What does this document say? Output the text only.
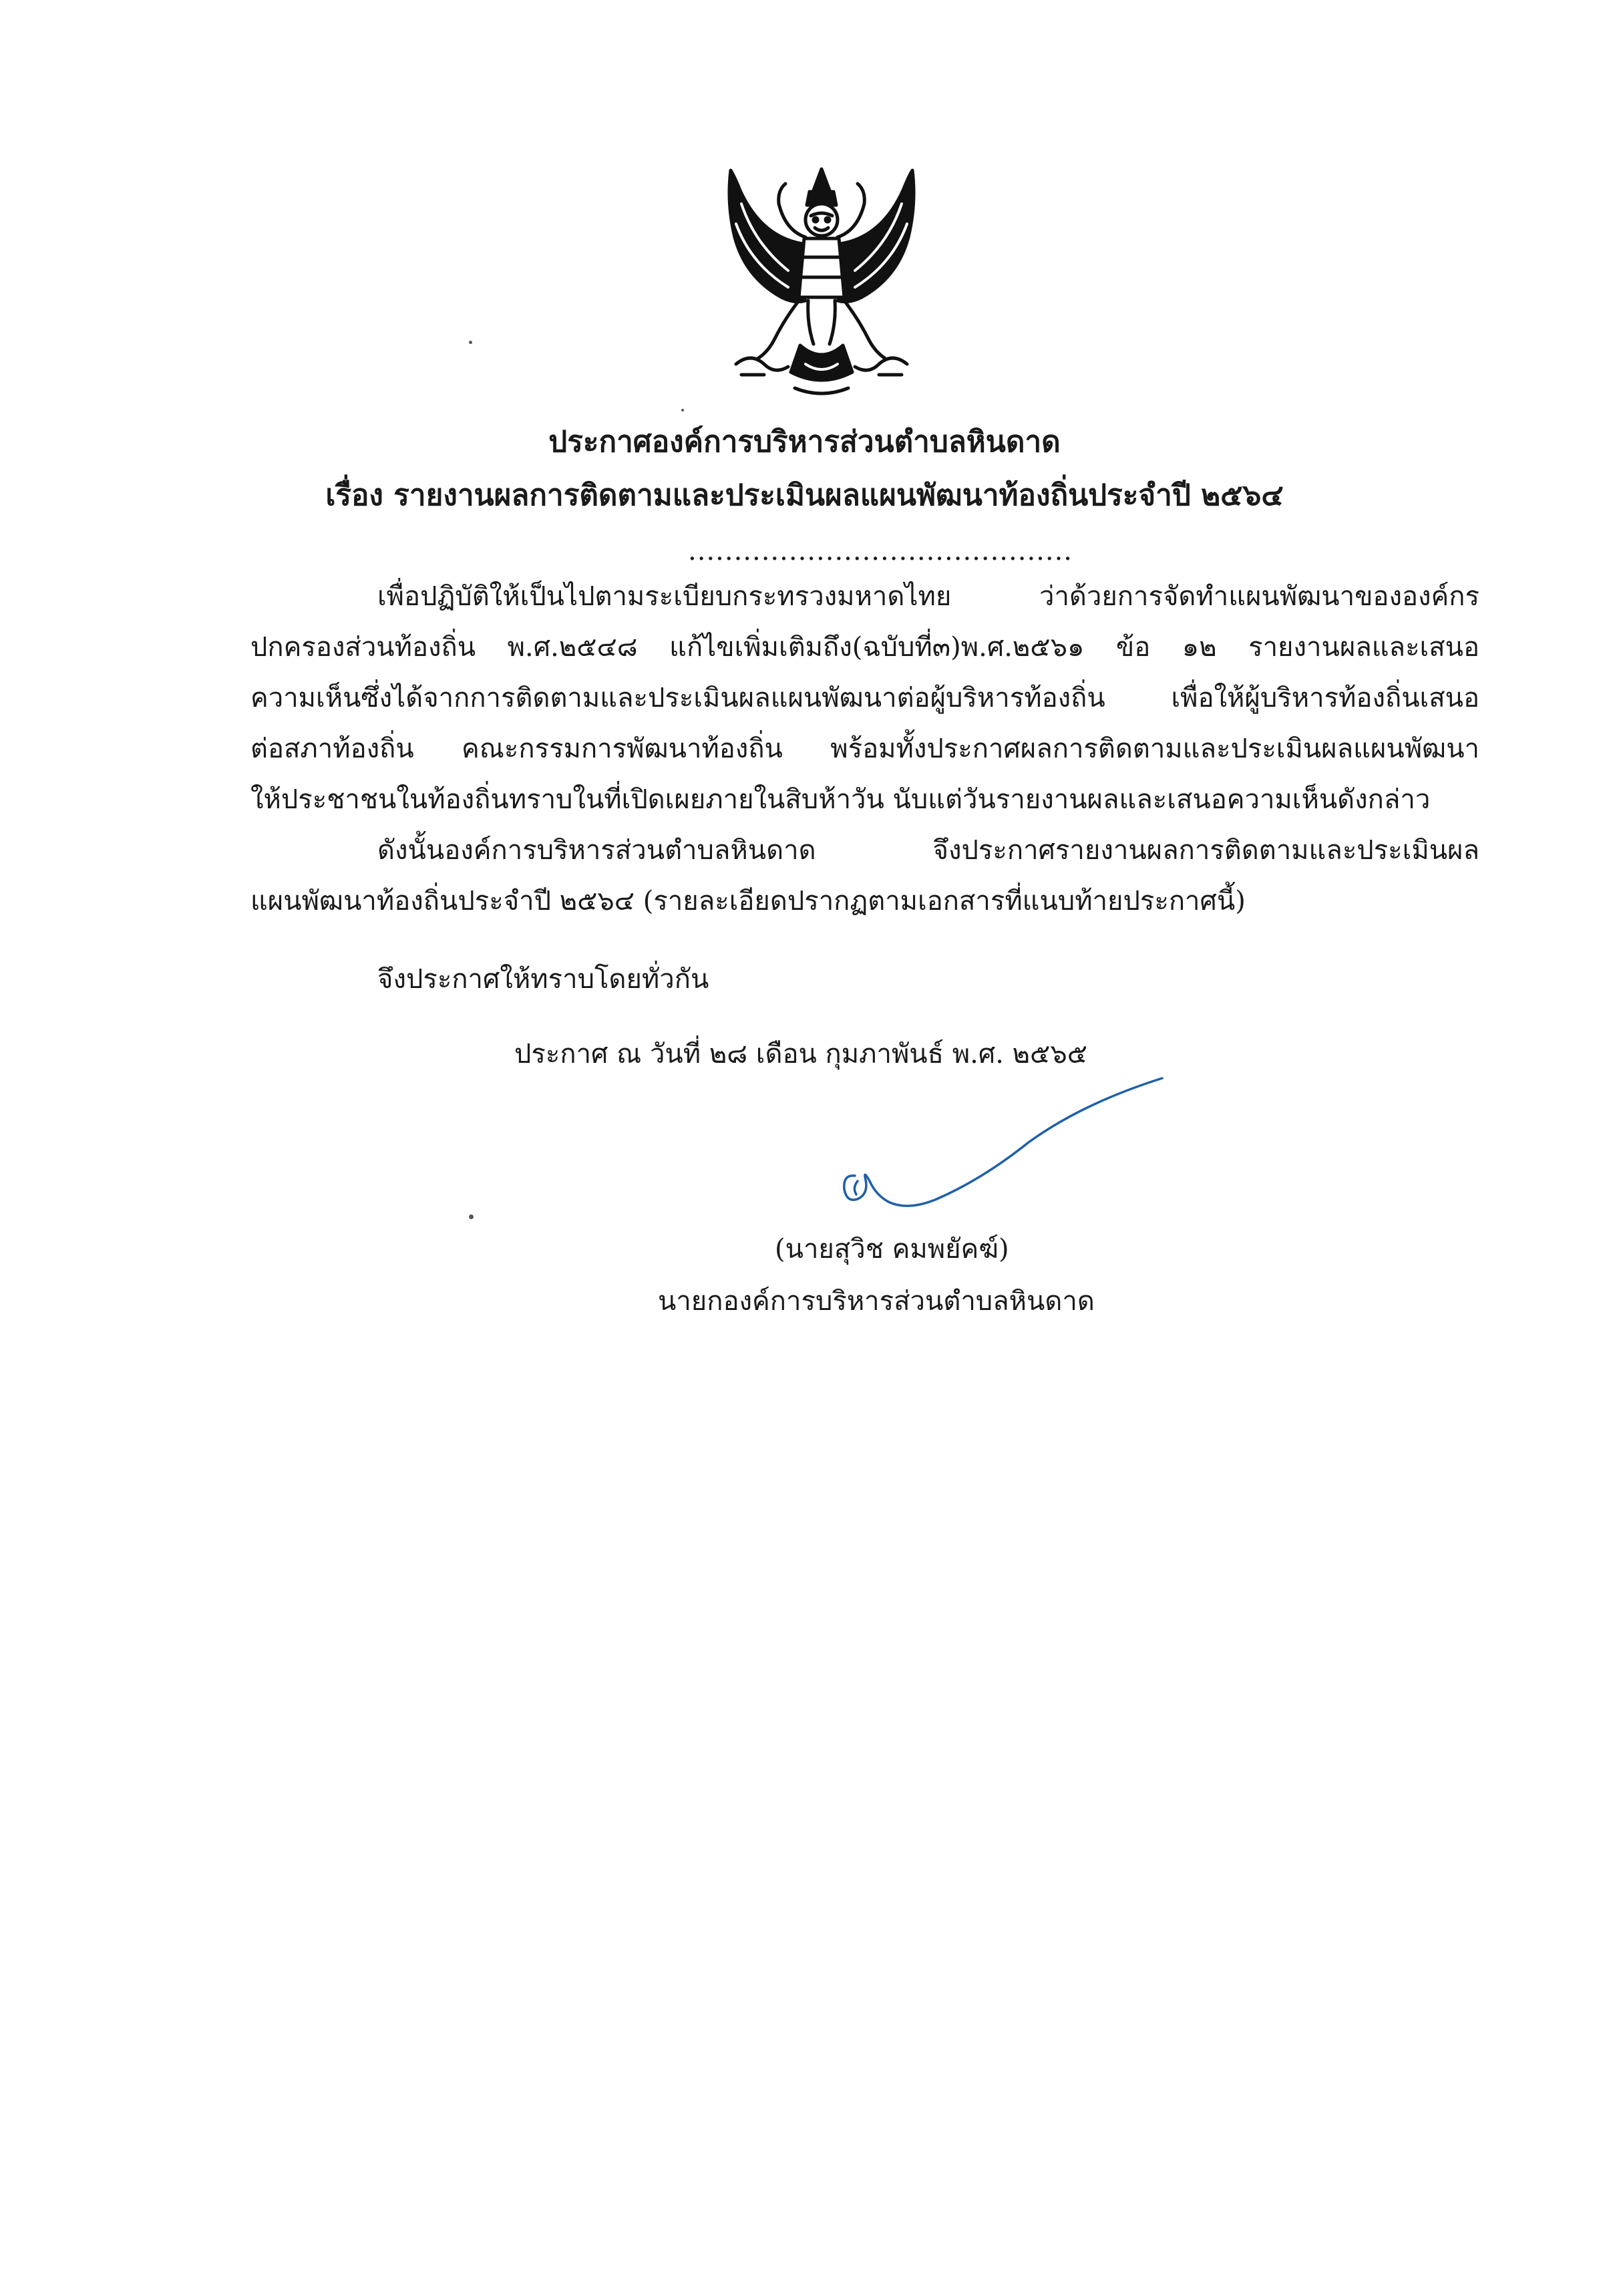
ประกาศองค์การบริหารส่วนตำบลหินดาด
เรื่อง รายงานผลการติดตามและประเมินผลแผนพัฒนาท้องถิ่นประจำปี ๒๕๖๔
..........................................
เพื่อปฏิบัติให้เป็นไปตามระเบียบกระทรวงมหาดไทย ว่าด้วยการจัดทำแผนพัฒนาขององค์กร
ปกครองส่วนท้องถิ่น พ.ศ.๒๕๔๘ แก้ไขเพิ่มเติมถึง(ฉบับที่๓)พ.ศ.๒๕๖๑ ข้อ ๑๒ รายงานผลและเสนอ
ความเห็นซึ่งได้จากการติดตามและประเมินผลแผนพัฒนาต่อผู้บริหารท้องถิ่น เพื่อให้ผู้บริหารท้องถิ่นเสนอ
ต่อสภาท้องถิ่น คณะกรรมการพัฒนาท้องถิ่น พร้อมทั้งประกาศผลการติดตามและประเมินผลแผนพัฒนา
ให้ประชาชนในท้องถิ่นทราบในที่เปิดเผยภายในสิบห้าวัน นับแต่วันรายงานผลและเสนอความเห็นดังกล่าว
ดังนั้นองค์การบริหารส่วนตำบลหินดาด จึงประกาศรายงานผลการติดตามและประเมินผล
แผนพัฒนาท้องถิ่นประจำปี ๒๕๖๔ (รายละเอียดปรากฏตามเอกสารที่แนบท้ายประกาศนี้)
จึงประกาศให้ทราบโดยทั่วกัน
ประกาศ ณ วันที่ ๒๘ เดือน กุมภาพันธ์ พ.ศ. ๒๕๖๕
(นายสุวิช คมพยัคฆ์)
นายกองค์การบริหารส่วนตำบลหินดาด
